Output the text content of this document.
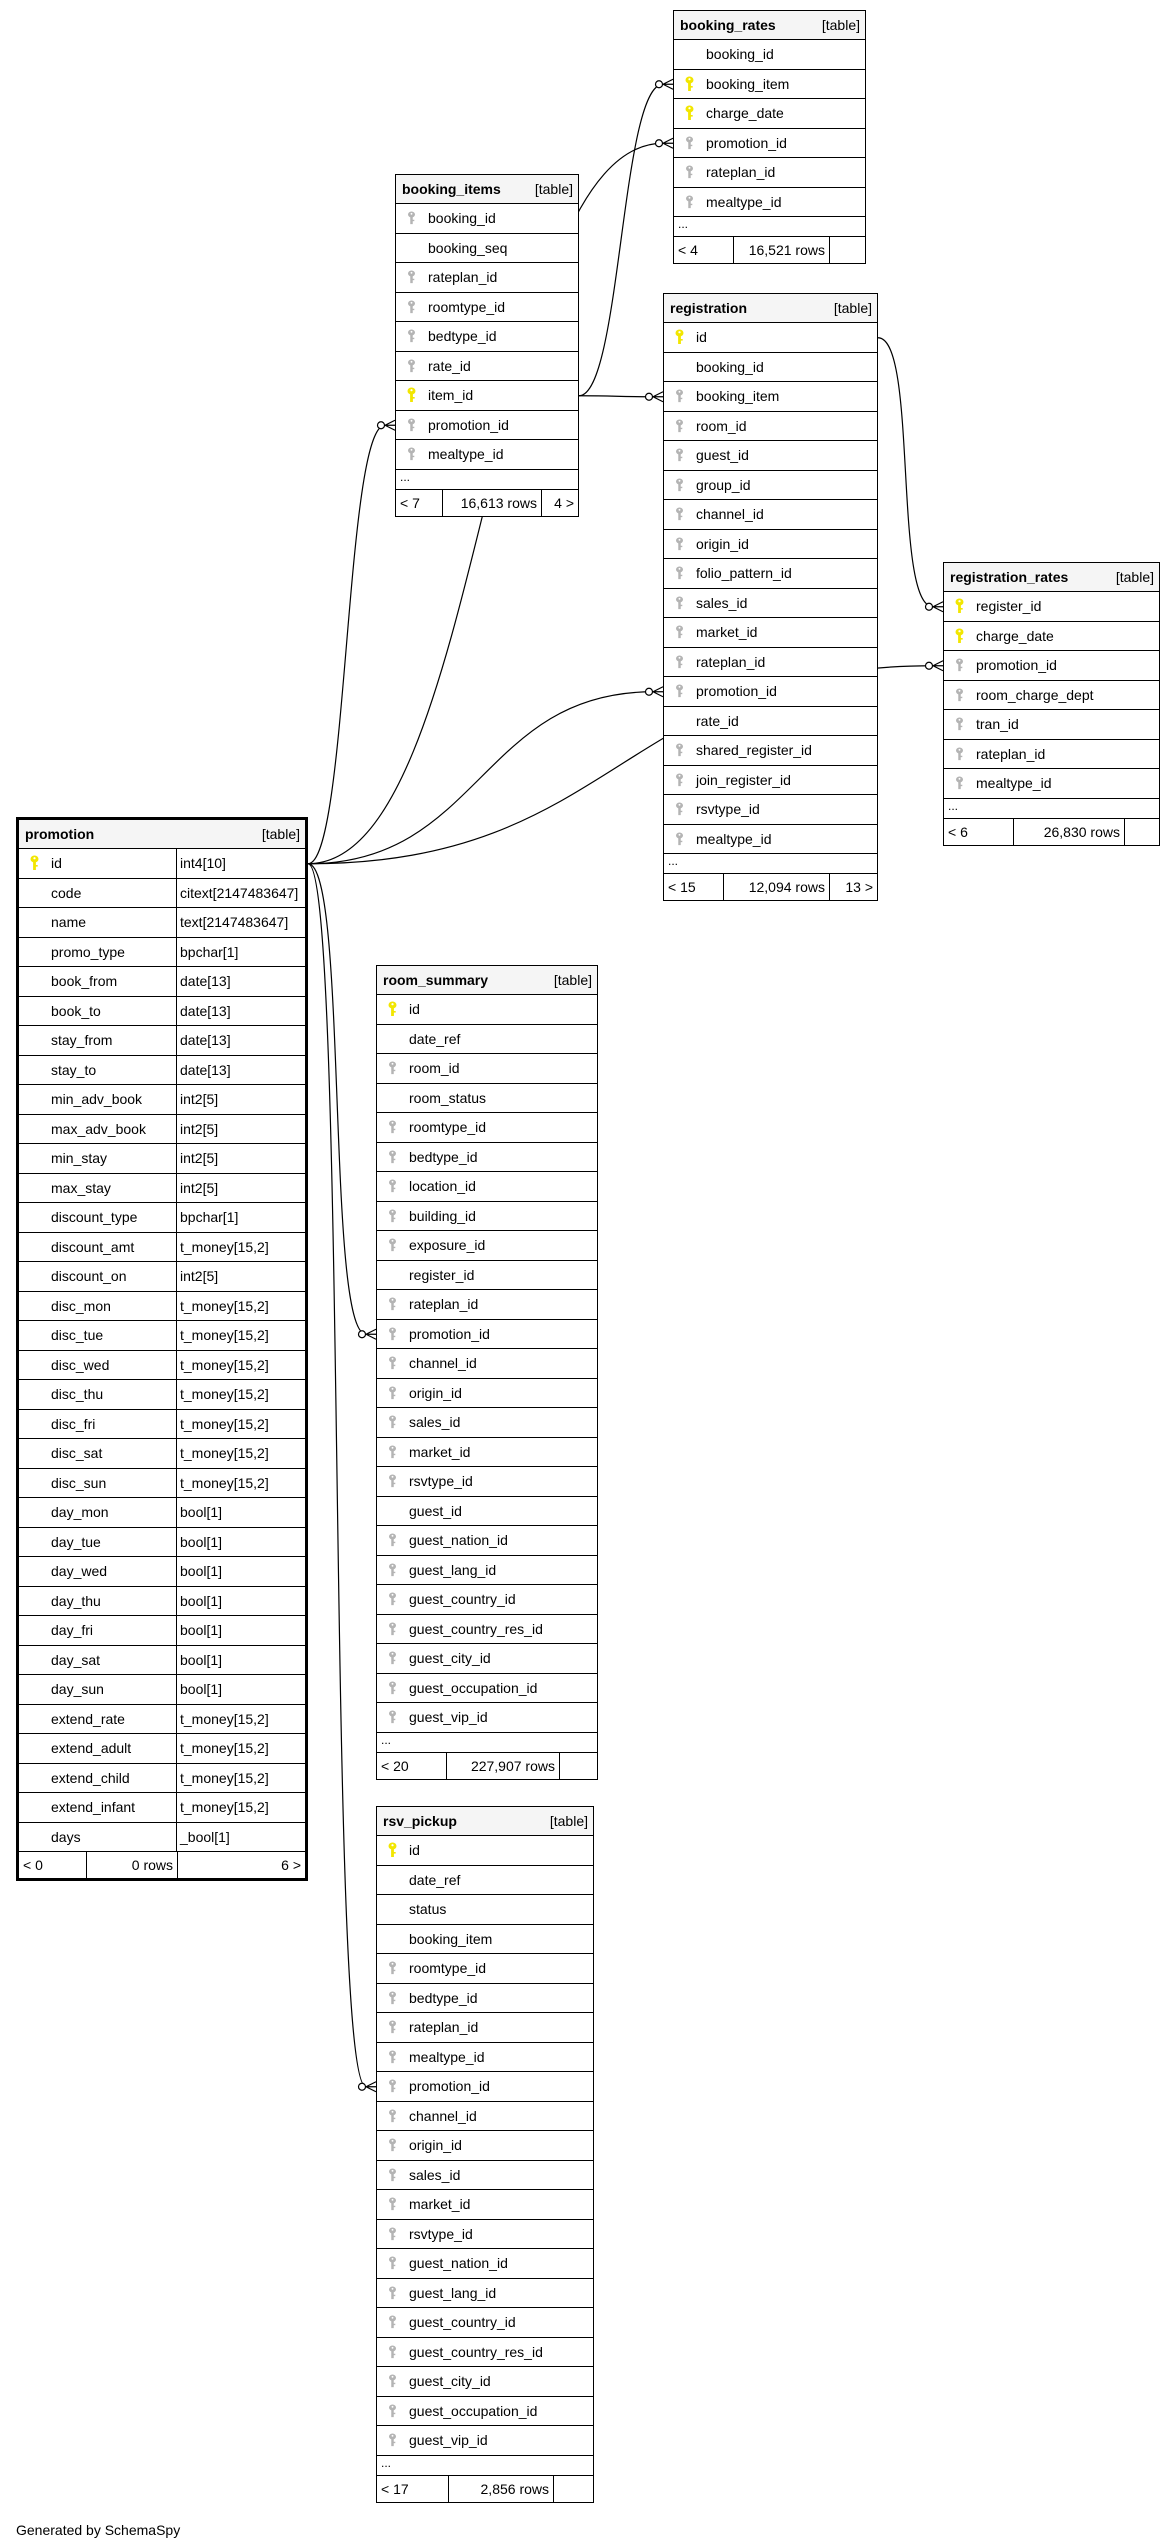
booking_rates	[table]
booking_id
booking_item
charge_date
promotion_id
rateplan_id
mealtype_id
...
< 4	16,521 rows
booking_items [table]
booking_id
booking_seq
rateplan_id
roomtype_id
bedtype_id
rate_id
item_id
promotion_id
mealtype_id
...
< 7	16,613 rows	4 >
registration	[table]
id
booking_id
booking_item
room_id
guest_id
group_id
channel_id
origin_id
folio_pattern_id
sales_id
market_id
rateplan_id
promotion_id
rate_id
shared_register_id
join_register_id
rsvtype_id
mealtype_id
...
< 15	12,094 rows	13 >
registration_rates	[table]
register_id
charge_date
promotion_id
room_charge_dept
tran_id
rateplan_id
mealtype_id
...
< 6	26,830 rows
promotion	[table]
id	int4[10]
code	citext[2147483647]
name	text[2147483647]
promo_type	bpchar[1]
book_from	date[13]
book_to	date[13]
stay_from	date[13]
stay_to	date[13]
min_adv_book	int2[5]
max_adv_book int2[5]
min_stay	int2[5]
max_stay	int2[5]
discount_type	bpchar[1]
discount_amt	t_money[15,2]
discount_on	int2[5]
disc_mon	t_money[15,2]
disc_tue	t_money[15,2]
disc_wed	t_money[15,2]
disc_thu	t_money[15,2]
disc_fri	t_money[15,2]
disc_sat	t_money[15,2]
disc_sun	t_money[15,2]
day_mon	bool[1]
day_tue	bool[1]
day_wed	bool[1]
day_thu	bool[1]
day_fri	bool[1]
day_sat	bool[1]
day_sun	bool[1]
extend_rate	t_money[15,2]
extend_adult	t_money[15,2]
extend_child	t_money[15,2]
extend_infant	t_money[15,2]
days	_bool[1]
< 0	0 rows	6 >
room_summary	[table]
id
date_ref
room_id
room_status
roomtype_id
bedtype_id
location_id
building_id
exposure_id
register_id
rateplan_id
promotion_id
channel_id
origin_id
sales_id
market_id
rsvtype_id
guest_id
guest_nation_id
guest_lang_id
guest_country_id
guest_country_res_id
guest_city_id
guest_occupation_id
guest_vip_id
...
< 20	227,907 rows
rsv_pickup	[table]
id
date_ref
status
booking_item
roomtype_id
bedtype_id
rateplan_id
mealtype_id
promotion_id
channel_id
origin_id
sales_id
market_id
rsvtype_id
guest_nation_id
guest_lang_id
guest_country_id
guest_country_res_id
guest_city_id
guest_occupation_id
guest_vip_id
...
< 17	2,856 rows
Generated by SchemaSpy
